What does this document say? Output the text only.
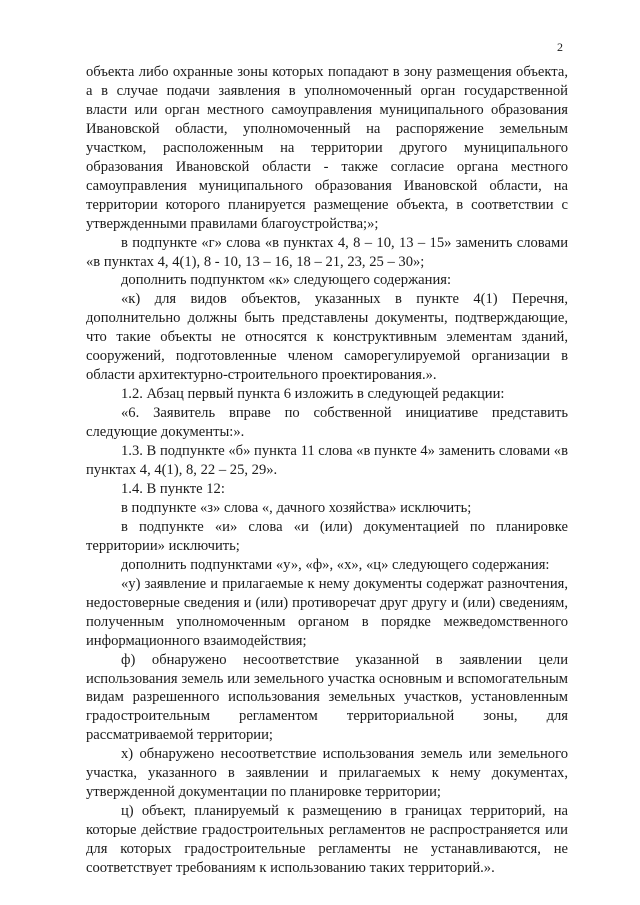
2

объекта либо охранные зоны которых попадают в зону размещения объекта, а в случае подачи заявления в уполномоченный орган государственной власти или орган местного самоуправления муниципального образования Ивановской области, уполномоченный на распоряжение земельным участком, расположенным на территории другого муниципального образования Ивановской области - также согласие органа местного самоуправления муниципального образования Ивановской области, на территории которого планируется размещение объекта, в соответствии с утвержденными правилами благоустройства;»;

в подпункте «г» слова «в пунктах 4, 8 – 10, 13 – 15» заменить словами «в пунктах 4, 4(1), 8 - 10, 13 – 16, 18 – 21, 23, 25 – 30»;

дополнить подпунктом «к» следующего содержания:

«к) для видов объектов, указанных в пункте 4(1) Перечня, дополнительно должны быть представлены документы, подтверждающие, что такие объекты не относятся к конструктивным элементам зданий, сооружений, подготовленные членом саморегулируемой организации в области архитектурно-строительного проектирования.».

1.2. Абзац первый пункта 6 изложить в следующей редакции:

«6. Заявитель вправе по собственной инициативе представить следующие документы:».

1.3. В подпункте «б» пункта 11 слова «в пункте 4» заменить словами «в пунктах 4, 4(1), 8, 22 – 25, 29».

1.4. В пункте 12:

в подпункте «з» слова «, дачного хозяйства» исключить;

в подпункте «и» слова «и (или) документацией по планировке территории» исключить;

дополнить подпунктами «у», «ф», «х», «ц» следующего содержания:

«у) заявление и прилагаемые к нему документы содержат разночтения, недостоверные сведения и (или) противоречат друг другу и (или) сведениям, полученным уполномоченным органом в порядке межведомственного информационного взаимодействия;

ф) обнаружено несоответствие указанной в заявлении цели использования земель или земельного участка основным и вспомогательным видам разрешенного использования земельных участков, установленным градостроительным регламентом территориальной зоны, для рассматриваемой территории;

х) обнаружено несоответствие использования земель или земельного участка, указанного в заявлении и прилагаемых к нему документах, утвержденной документации по планировке территории;

ц) объект, планируемый к размещению в границах территорий, на которые действие градостроительных регламентов не распространяется или для которых градостроительные регламенты не устанавливаются, не соответствует требованиям к использованию таких территорий.».
